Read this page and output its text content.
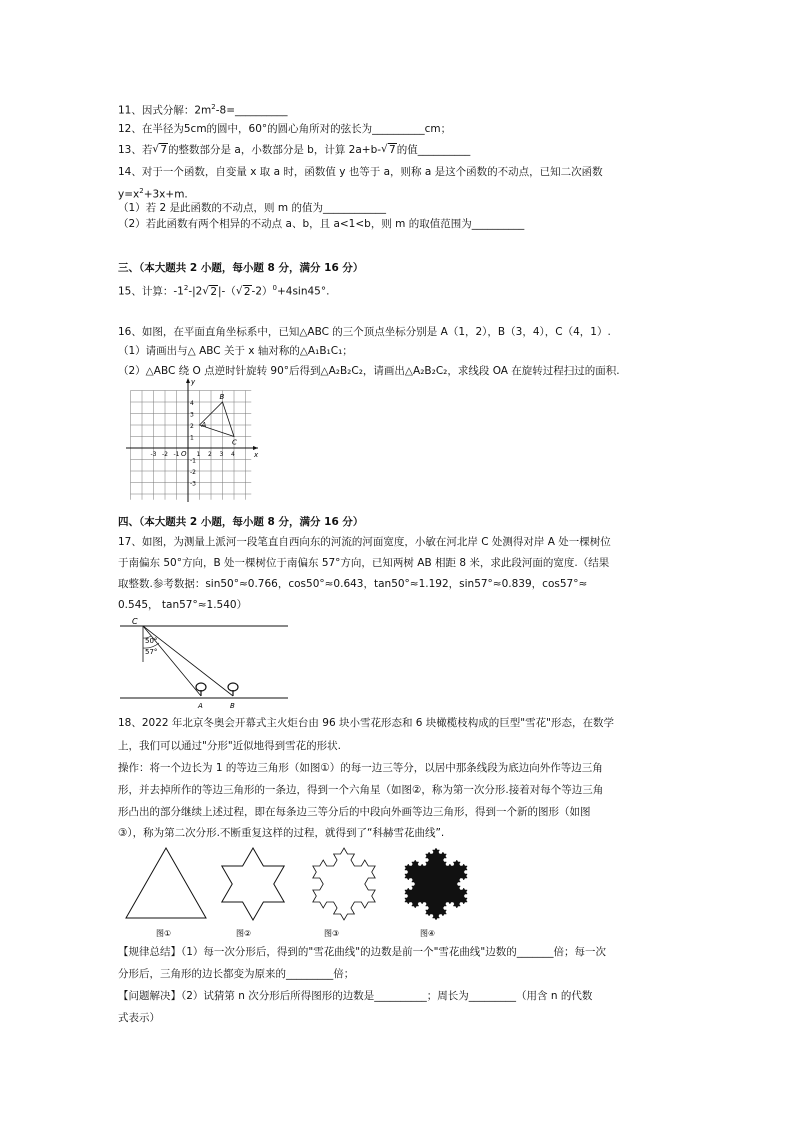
11、因式分解：$2m^2-8=\_\_\_\_\_\_\_\_\_\_$
12、在半径为5cm的圆中，60°的圆心角所对的弦长为__________cm；
13、若√ 7的整数部分是 a，小数部分是 b，计算 2a+b-√ 7的值__________
14、对于一个函数，自变量 x 取 a 时，函数值 y 也等于 a，则称 a 是这个函数的不动点，已知二次函数
$y=x^2+3x+m$.
（1）若 2 是此函数的不动点，则 m 的值为____________
（2）若此函数有两个相异的不动点 a、b，且 a<1<b，则 m 的取值范围为__________
三、（本大题共 2 小题，每小题 8 分，满分 16 分）
15、计算：$-1^2-|2√$ 2|-（√ 2-2）$^0$+4sin45°.
16、如图，在平面直角坐标系中，已知△ABC 的三个顶点坐标分别是 A（1，2），B（3，4），C（4，1）.
（1）请画出与△ ABC 关于 x 轴对称的△A₁B₁C₁；
（2）△ABC 绕 O 点逆时针旋转 90°后得到△A₂B₂C₂，请画出△A₂B₂C₂，求线段 OA 在旋转过程扫过的面积.
x
y
O
-3 -2 -1	1 2 3 4
4
3
2
1
-1
-2
-3
A
B
C
四、（本大题共 2 小题，每小题 8 分，满分 16 分）
17、如图，为测量上派河一段笔直自西向东的河流的河面宽度，小敏在河北岸 C 处测得对岸 A 处一棵树位
于南偏东 50°方向，B 处一棵树位于南偏东 57°方向，已知两树 AB 相距 8 米，求此段河面的宽度.（结果
取整数.参考数据：sin50°≈0.766，cos50°≈0.643，tan50°≈1.192，sin57°≈0.839，cos57°≈
0.545， tan57°≈1.540）
C
50°
57°
A	B
18、2022 年北京冬奥会开幕式主火炬台由 96 块小雪花形态和 6 块橄榄枝构成的巨型"雪花"形态，在数学
上，我们可以通过"分形"近似地得到雪花的形状.
操作：将一个边长为 1 的等边三角形（如图①）的每一边三等分，以居中那条线段为底边向外作等边三角
形，并去掉所作的等边三角形的一条边，得到一个六角星（如图②，称为第一次分形.接着对每个等边三角
形凸出的部分继续上述过程，即在每条边三等分后的中段向外画等边三角形，得到一个新的图形（如图
③），称为第二次分形.不断重复这样的过程，就得到了“科赫雪花曲线”.
图①	图②	图③	图④
【规律总结】（1）每一次分形后，得到的"雪花曲线"的边数是前一个"雪花曲线"边数的_______倍；每一次
分形后，三角形的边长都变为原来的_________倍；
【问题解决】（2）试猜第 n 次分形后所得图形的边数是__________；周长为_________（用含 n 的代数
式表示）
